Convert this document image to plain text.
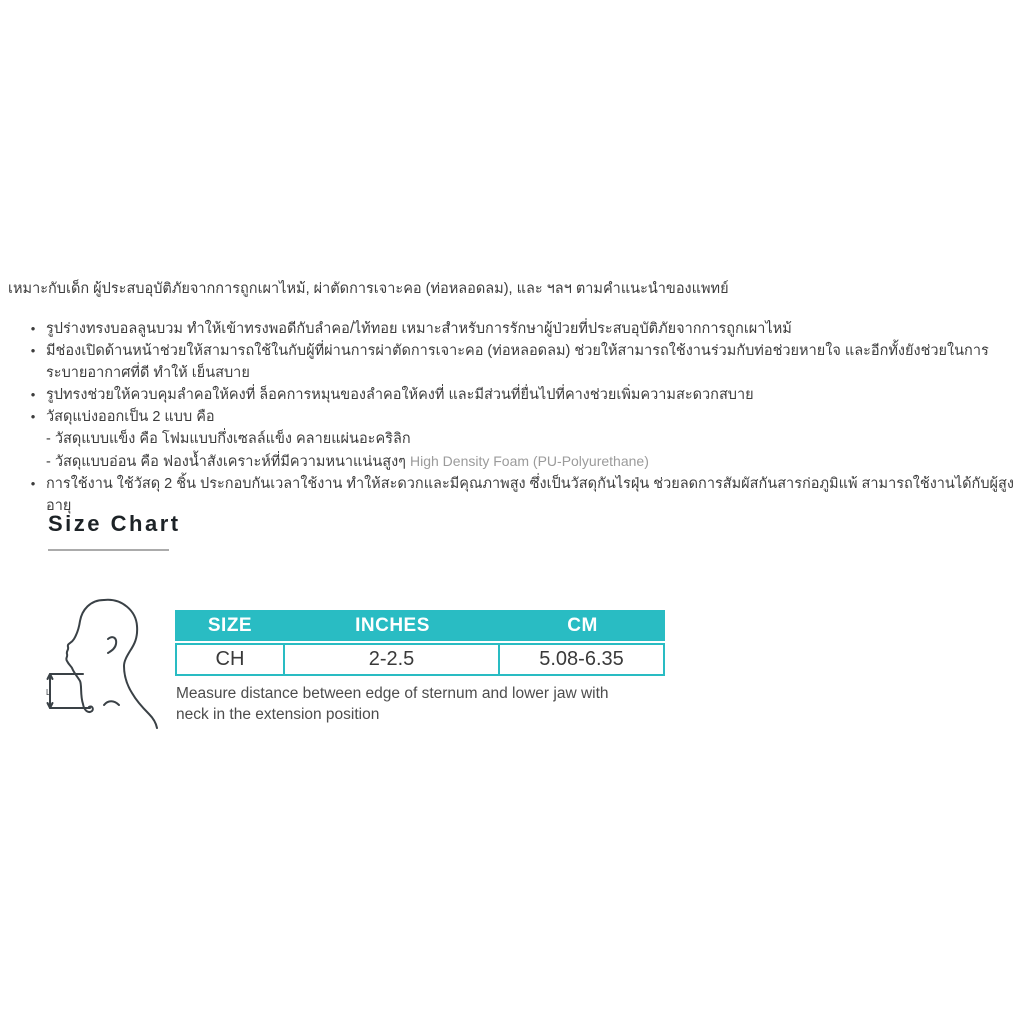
เหมาะกับเด็ก ผู้ประสบอุบัติภัยจากการถูกเผาไหม้, ผ่าตัดการเจาะคอ (ท่อหลอดลม), และ ฯลฯ ตามคำแนะนำของแพทย์

• รูปร่างทรงบอลลูนบวม ทำให้เข้าทรงพอดีกับลำคอ/ไท้ทอย เหมาะสำหรับการรักษาผู้ป่วยที่ประสบอุบัติภัยจากการถูกเผาไหม้
• มีช่องเปิดด้านหน้าช่วยให้สามารถใช้ในกับผู้ที่ผ่านการผ่าตัดการเจาะคอ (ท่อหลอดลม) ช่วยให้สามารถใช้งานร่วมกับท่อช่วยหายใจ และอีกทั้งยังช่วยในการระบายอากาศที่ดี ทำให้ เย็นสบาย
• รูปทรงช่วยให้ควบคุมลำคอให้คงที่ ล็อคการหมุนของลำคอให้คงที่ และมีส่วนที่ยื่นไปที่คางช่วยเพิ่มความสะดวกสบาย
• วัสดุแบ่งออกเป็น 2 แบบ คือ
- วัสดุแบบแข็ง คือ โฟมแบบกึ่งเซลล์แข็ง คลายแผ่นอะคริลิก
- วัสดุแบบอ่อน คือ ฟองน้ำสังเคราะห์ที่มีความหนาแน่นสูงๆ High Density Foam (PU-Polyurethane)
• การใช้งาน ใช้วัสดุ 2 ชิ้น ประกอบกันเวลาใช้งาน ทำให้สะดวกและมีคุณภาพสูง ซึ่งเป็นวัสดุกันไรฝุ่น ช่วยลดการสัมผัสกันสารก่อภูมิแพ้ สามารถใช้งานได้กับผู้สูงอายุ
Size Chart
L
SIZE	INCHES	CM
CH	2-2.5	5.08-6.35
Measure distance between edge of sternum and lower jaw with
neck in the extension position
